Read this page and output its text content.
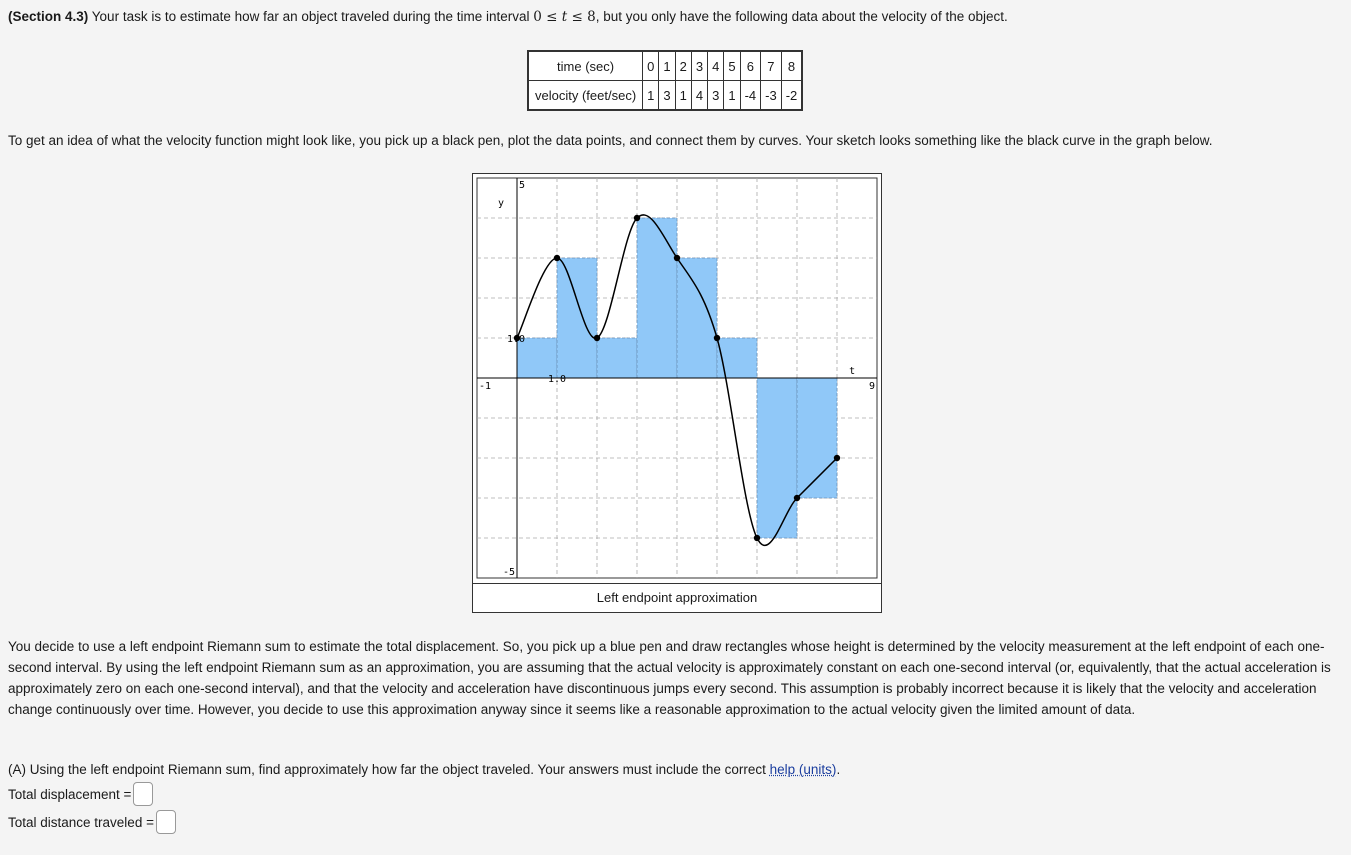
(Section 4.3) Your task is to estimate how far an object traveled during the time interval 0 ≤ t ≤ 8, but you only have the following data about the velocity of the object.
time (sec)	0	1	2	3	4	5	6	7	8
velocity (feet/sec)	1	3	1	4	3	1	-4	-3	-2
To get an idea of what the velocity function might look like, you pick up a black pen, plot the data points, and connect them by curves. Your sketch looks something like the black curve in the graph below.
y
t
5
-5
-1	9
1.0
1.0
Left endpoint approximation
You decide to use a left endpoint Riemann sum to estimate the total displacement. So, you pick up a blue pen and draw rectangles whose height is determined by the velocity measurement at the left endpoint of each one-second interval. By using the left endpoint Riemann sum as an approximation, you are assuming that the actual velocity is approximately constant on each one-second interval (or, equivalently, that the actual acceleration is approximately zero on each one-second interval), and that the velocity and acceleration have discontinuous jumps every second. This assumption is probably incorrect because it is likely that the velocity and acceleration change continuously over time. However, you decide to use this approximation anyway since it seems like a reasonable approximation to the actual velocity given the limited amount of data.
(A) Using the left endpoint Riemann sum, find approximately how far the object traveled. Your answers must include the correct help (units).
Total displacement =
Total distance traveled =
